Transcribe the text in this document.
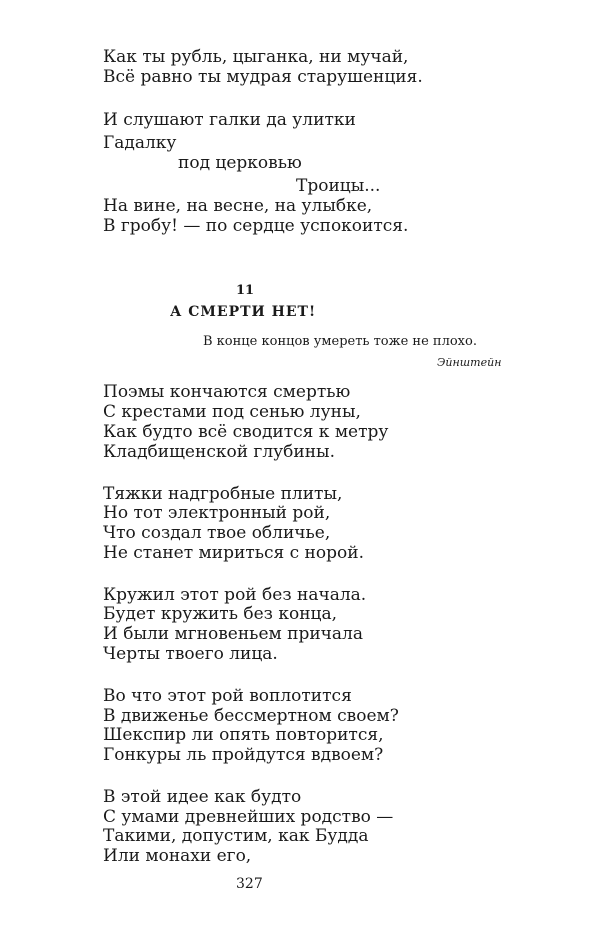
Как ты рубль, цыганка, ни мучай,
Всё равно ты мудрая старушенция.
И слушают галки да улитки
Гадалку
под церковью
Троицы...
На вине, на весне, на улыбке,
В гробу! — по сердце успокоится.
11
А СМЕРТИ НЕТ!
В конце концов умереть тоже не плохо.
Эйнштейн
Поэмы кончаются смертью
С крестами под сенью луны,
Как будто всё сводится к метру
Кладбищенской глубины.
Тяжки надгробные плиты,
Но тот электронный рой,
Что создал твое обличье,
Не станет мириться с норой.
Кружил этот рой без начала.
Будет кружить без конца,
И были мгновеньем причала
Черты твоего лица.
Во что этот рой воплотится
В движенье бессмертном своем?
Шекспир ли опять повторится,
Гонкуры ль пройдутся вдвоем?
В этой идее как будто
С умами древнейших родство —
Такими, допустим, как Будда
Или монахи его,
327
